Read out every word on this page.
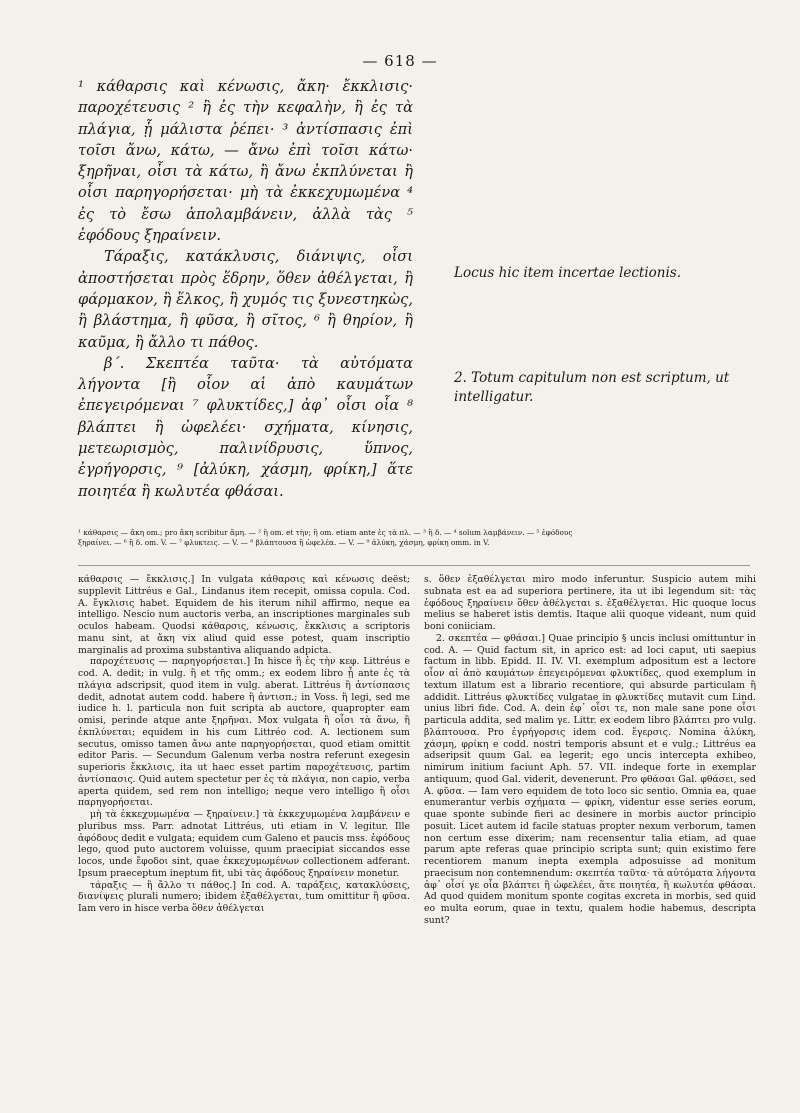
— 618 —

¹ κάθαρσις καὶ κένωσις, ἄκη· ἔκκλισις· παροχέτευσις ² ἢ ἐς τὴν κεφαλὴν, ἢ ἐς τὰ πλάγια, ᾗ μάλιστα ῥέπει· ³ ἀντίσπασις ἐπὶ τοῖσι ἄνω, κάτω, — ἄνω ἐπὶ τοῖσι κάτω· ξηρῆναι, οἷσι τὰ κάτω, ἢ ἄνω ἐκπλύνεται ἢ οἷσι παρηγορήσεται· μὴ τὰ ἐκκεχυμωμένα ⁴ ἐς τὸ ἔσω ἀπολαμβάνειν, ἀλλὰ τὰς ⁵ ἐφόδους ξηραίνειν.

Τάραξις, κατάκλυσις, διάνιψις, οἷσι ἀποστήσεται πρὸς ἕδρην, ὅθεν ἀθέλγεται, ἢ φάρμακον, ἢ ἕλκος, ἢ χυμός τις ξυνεστηκὼς, ἢ βλάστημα, ἢ φῦσα, ἢ σῖτος, ⁶ ἢ θηρίον, ἢ καῦμα, ἢ ἄλλο τι πάθος.

β΄. Σκεπτέα ταῦτα· τὰ αὐτόματα λήγοντα [ἢ οἷον αἱ ἀπὸ καυμάτων ἐπεγειρόμεναι ⁷ φλυκτίδες,] ἀφ᾽ οἷσι οἷα ⁸ βλάπτει ἢ ὠφελέει· σχήματα, κίνησις, μετεωρισμὸς, παλινίδρυσις, ὕπνος, ἐγρήγορσις, ⁹ [ἀλύκη, χάσμη, φρίκη,] ἅτε ποιητέα ἢ κωλυτέα φθάσαι.

Locus hic item incertae lectionis.
2. Totum capitulum non est scriptum, ut intelligatur.

¹ κάθαρσις — ἄκη om.; pro ἄκη scribitur ἄμη. — ² ἢ om. et τὴν; ἢ om. etiam ante ἐς τὰ πλ. — ³ ἢ δ. — ⁴ solum λαμβάνειν. — ⁵ ἐφόδους

ξηραίνει. — ⁶ ἢ δ. om. V. — ⁷ φλυκτεις. — V. — ⁸ βλάπτουσα ἢ ὠφελέα. — V. — ⁹ ἀλύκη, χάσμη, φρίκη omm. in V.

κάθαρσις — ἔκκλισις.] In vulgata κάθαρσις καὶ κένωσις deëst; supplevit Littréus e Gal., Lindanus item recepit, omissa copula. Cod. A. ἔγκλισις habet. Equidem de his iterum nihil affirmo, neque ea intelligo. Nescio num auctoris verba, an inscriptiones marginales sub oculos habeam. Quodsi κάθαρσις, κένωσις, ἔκκλισις a scriptoris manu sint, at ἄκη vix aliud quid esse potest, quam inscriptio marginalis ad proxima substantiva aliquando adpicta.

παροχέτευσις — παρηγορήσεται.] In hisce ἢ ἐς τὴν κεφ. Littréus e cod. A. dedit; in vulg. ἢ et τῆς omm.; ex eodem libro ᾗ ante ἐς τὰ πλάγια adscripsit, quod item in vulg. aberat. Littréus ἢ ἀντίσπασις dedit, adnotat autem codd. habere ἢ ἀντισπ.; in Voss. ἢ legi, sed me iudice h. l. particula non fuit scripta ab auctore, quapropter eam omisi, perinde atque ante ξηρῆναι. Mox vulgata ἢ οἷσι τὰ ἄνω, ἢ ἐκπλύνεται; equidem in his cum Littréo cod. A. lectionem sum secutus, omisso tamen ἄνω ante παρηγορήσεται, quod etiam omittit editor Paris. — Secundum Galenum verba nostra referunt exegesin superioris ἔκκλισις, ita ut haec esset partim παροχέτευσις, partim ἀντίσπασις. Quid autem spectetur per ἐς τὰ πλάγια, non capio, verba aperta quidem, sed rem non intelligo; neque vero intelligo ἢ οἷσι παρηγορήσεται.

μὴ τὰ ἐκκεχυμωμένα — ξηραίνειν.] τὰ ἐκκεχυμωμένα λαμβάνειν e pluribus mss. Parr. adnotat Littréus, uti etiam in V. legitur. Ille ἀφόδους dedit e vulgata; equidem cum Galeno et paucis mss. ἐφόδους lego, quod puto auctorem voluisse, quum praecipiat siccandos esse locos, unde ἔφοδοι sint, quae ἐκκεχυμωμένων collectionem adferant. Ipsum praeceptum ineptum fit, ubi τὰς ἀφόδους ξηραίνειν monetur.

τάραξις — ἢ ἄλλο τι πάθος.] In cod. A. ταράξεις, κατακλύσεις, διανίψεις plurali numero; ibidem ἐξαθέλγεται, tum omittitur ἢ φῦσα. Iam vero in hisce verba ὅθεν ἀθέλγεται

s. ὅθεν ἐξαθέλγεται miro modo inferuntur. Suspicio autem mihi subnata est ea ad superiora pertinere, ita ut ibi legendum sit: τὰς ἐφόδους ξηραίνειν ὅθεν ἀθέλγεται s. ἐξαθέλγεται. Hic quoque locus melius se haberet istis demtis. Itaque alii quoque videant, num quid boni coniiciam.

2. σκεπτέα — φθάσαι.] Quae principio § uncis inclusi omittuntur in cod. A. — Quid factum sit, in aprico est: ad loci caput, uti saepius factum in libb. Epidd. II. IV. VI. exemplum adpositum est a lectore οἷον αἱ ἀπὸ καυμάτων ἐπεγειρόμεναι φλυκτίδες, quod exemplum in textum illatum est a librario recentiore, qui absurde particulam ἢ addidit. Littréus φλυκτίδες vulgatae in φλυκτίδες mutavit cum Lind. unius libri fide. Cod. A. dein ἐφ᾽ οἷσι τε, non male sane pone οἷσι particula addita, sed malim γε. Littr. ex eodem libro βλάπτει pro vulg. βλάπτουσα. Pro ἐγρήγορσις idem cod. ἔγερσις. Nomina ἀλύκη, χάσμη, φρίκη e codd. nostri temporis absunt et e vulg.; Littréus ea adseripsit quum Gal. ea legerit; ego uncis intercepta exhibeo, nimirum initium faciunt Aph. 57. VII. indeque forte in exemplar antiquum, quod Gal. viderit, devenerunt. Pro φθάσαι Gal. φθάσει, sed A. φῦσα. — Iam vero equidem de toto loco sic sentio. Omnia ea, quae enumerantur verbis σχήματα — φρίκη, videntur esse series eorum, quae sponte subinde fieri ac desinere in morbis auctor principio posuit. Licet autem id facile statuas propter nexum verborum, tamen non certum esse dixerim; nam recensentur talia etiam, ad quae parum apte referas quae principio scripta sunt; quin existimo fere recentiorem manum inepta exempla adposuisse ad monitum praecisum non contemnendum: σκεπτέα ταῦτα· τὰ αὐτόματα λήγοντα ἀφ᾽ οἷσί γε οἷα βλάπτει ἢ ὠφελέει, ἅτε ποιητέα, ἢ κωλυτέα φθάσαι. Ad quod quidem monitum sponte cogitas excreta in morbis, sed quid eo multa eorum, quae in textu, qualem hodie habemus, descripta sunt?
